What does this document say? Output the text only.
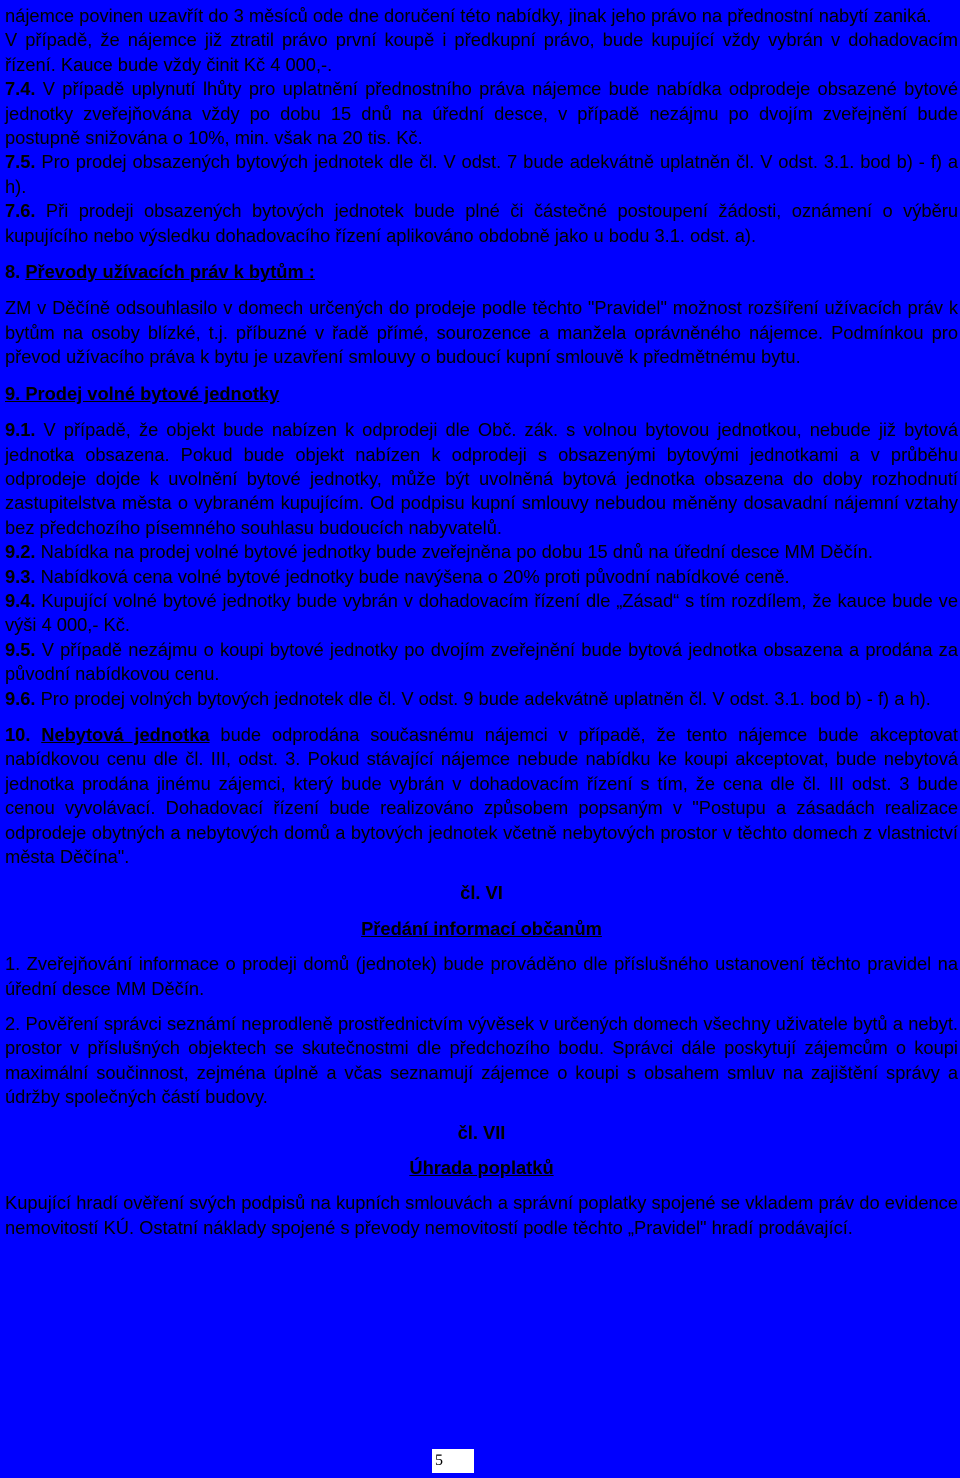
nájemce povinen uzavřít do 3 měsíců ode dne doručení této nabídky, jinak jeho právo na přednostní nabytí zaniká.

V případě, že nájemce již ztratil právo první koupě i předkupní právo, bude kupující vždy vybrán v dohadovacím řízení. Kauce bude vždy činit Kč 4 000,-.

7.4. V případě uplynutí lhůty pro uplatnění přednostního práva nájemce bude nabídka odprodeje obsazené bytové jednotky zveřejňována vždy po dobu 15 dnů na úřední desce, v případě nezájmu po dvojím zveřejnění bude postupně snižována o 10%, min. však na 20 tis. Kč.

7.5. Pro prodej obsazených bytových jednotek dle čl. V odst. 7 bude adekvátně uplatněn čl. V odst. 3.1. bod b) - f) a h).

7.6. Při prodeji obsazených bytových jednotek bude plné či částečné postoupení žádosti, oznámení o výběru kupujícího nebo výsledku dohadovacího řízení aplikováno obdobně jako u bodu 3.1. odst. a).

8. Převody užívacích práv k bytům :

ZM v Děčíně odsouhlasilo v domech určených do prodeje podle těchto "Pravidel" možnost rozšíření užívacích práv k bytům na osoby blízké, t.j. příbuzné v řadě přímé, sourozence a manžela oprávněného nájemce. Podmínkou pro převod užívacího práva k bytu je uzavření smlouvy o budoucí kupní smlouvě k předmětnému bytu.

9. Prodej volné bytové jednotky

9.1. V případě, že objekt bude nabízen k odprodeji dle Obč. zák. s volnou bytovou jednotkou, nebude již bytová jednotka obsazena. Pokud bude objekt nabízen k odprodeji s obsazenými bytovými jednotkami a v průběhu odprodeje dojde k uvolnění bytové jednotky, může být uvolněná bytová jednotka obsazena do doby rozhodnutí zastupitelstva města o vybraném kupujícím. Od podpisu kupní smlouvy nebudou měněny dosavadní nájemní vztahy bez předchozího písemného souhlasu budoucích nabyvatelů.

9.2. Nabídka na prodej volné bytové jednotky bude zveřejněna po dobu 15 dnů na úřední desce MM Děčín.

9.3. Nabídková cena volné bytové jednotky bude navýšena o 20% proti původní nabídkové ceně.

9.4. Kupující volné bytové jednotky bude vybrán v dohadovacím řízení dle „Zásad“ s tím rozdílem, že kauce bude ve výši 4 000,- Kč.

9.5. V případě nezájmu o koupi bytové jednotky po dvojím zveřejnění bude bytová jednotka obsazena a prodána za původní nabídkovou cenu.

9.6. Pro prodej volných bytových jednotek dle čl. V odst. 9 bude adekvátně uplatněn čl. V odst. 3.1. bod b) - f) a h).

10. Nebytová jednotka bude odprodána současnému nájemci v případě, že tento nájemce bude akceptovat nabídkovou cenu dle čl. III, odst. 3. Pokud stávající nájemce nebude nabídku ke koupi akceptovat, bude nebytová jednotka prodána jinému zájemci, který bude vybrán v dohadovacím řízení s tím, že cena dle čl. III odst. 3 bude cenou vyvolávací. Dohadovací řízení bude realizováno způsobem popsaným v "Postupu a zásadách realizace odprodeje obytných a nebytových domů a bytových jednotek včetně nebytových prostor v těchto domech z vlastnictví města Děčína".

čl. VI

Předání informací občanům

1. Zveřejňování informace o prodeji domů (jednotek) bude prováděno dle příslušného ustanovení těchto pravidel na úřední desce MM Děčín.

2. Pověření správci seznámí neprodleně prostřednictvím vývěsek v určených domech všechny uživatele bytů a nebyt. prostor v příslušných objektech se skutečnostmi dle předchozího bodu. Správci dále poskytují zájemcům o koupi maximální součinnost, zejména úplně a včas seznamují zájemce o koupi s obsahem smluv na zajištění správy a údržby společných částí budovy.

čl. VII

Úhrada poplatků

Kupující hradí ověření svých podpisů na kupních smlouvách a správní poplatky spojené se vkladem práv do evidence nemovitostí KÚ. Ostatní náklady spojené s převody nemovitostí podle těchto „Pravidel" hradí prodávající.

5
